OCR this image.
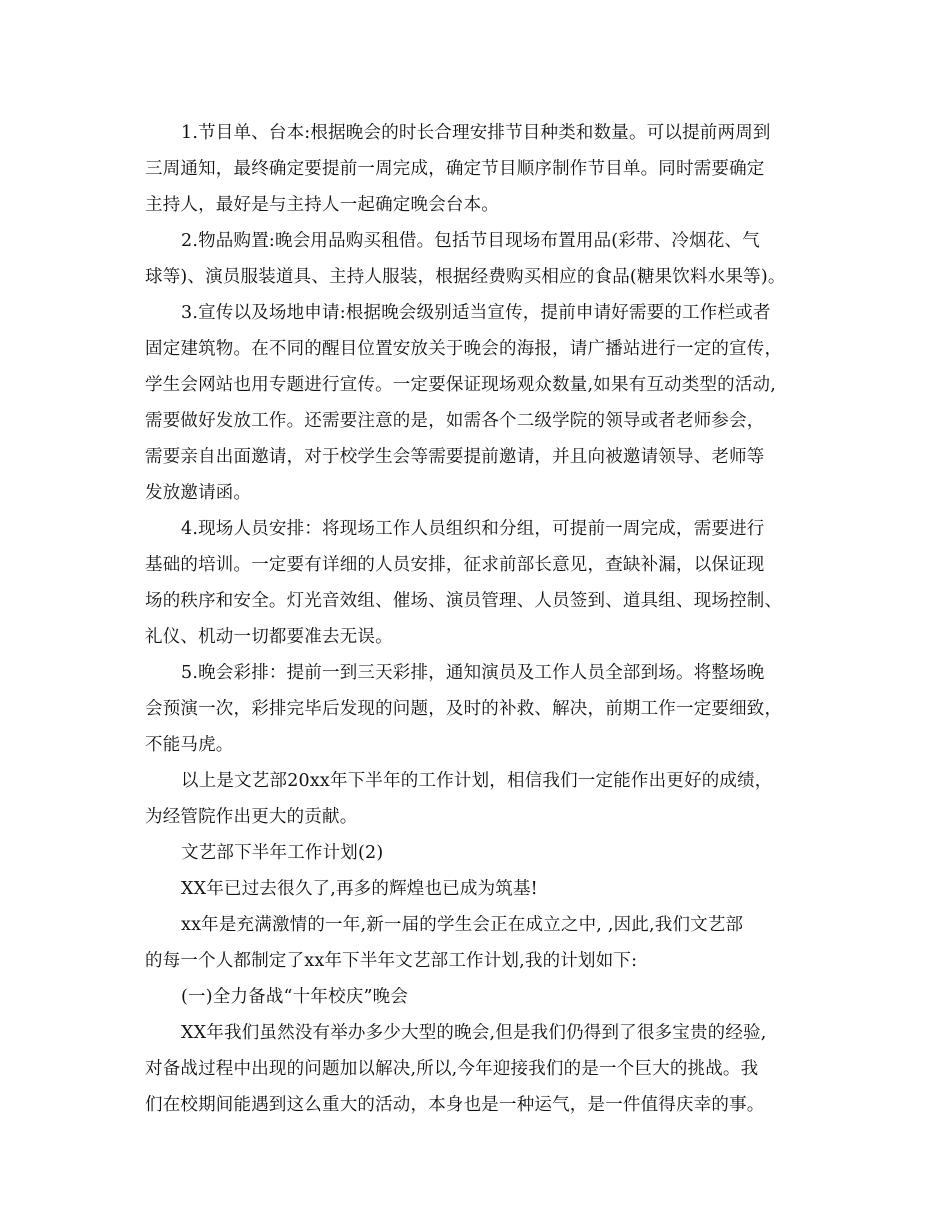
1.节目单、台本:根据晚会的时长合理安排节目种类和数量。可以提前两周到
三周通知，最终确定要提前一周完成，确定节目顺序制作节目单。同时需要确定
主持人，最好是与主持人一起确定晚会台本。
2.物品购置:晚会用品购买租借。包括节目现场布置用品(彩带、冷烟花、气
球等)、演员服装道具、主持人服装，根据经费购买相应的食品(糖果饮料水果等)。
3.宣传以及场地申请:根据晚会级别适当宣传，提前申请好需要的工作栏或者
固定建筑物。在不同的醒目位置安放关于晚会的海报，请广播站进行一定的宣传，
学生会网站也用专题进行宣传。一定要保证现场观众数量,如果有互动类型的活动,
需要做好发放工作。还需要注意的是，如需各个二级学院的领导或者老师参会，
需要亲自出面邀请，对于校学生会等需要提前邀请，并且向被邀请领导、老师等
发放邀请函。
4.现场人员安排：将现场工作人员组织和分组，可提前一周完成，需要进行
基础的培训。一定要有详细的人员安排，征求前部长意见，查缺补漏，以保证现
场的秩序和安全。灯光音效组、催场、演员管理、人员签到、道具组、现场控制、
礼仪、机动一切都要准去无误。
5.晚会彩排：提前一到三天彩排，通知演员及工作人员全部到场。将整场晚
会预演一次，彩排完毕后发现的问题，及时的补救、解决，前期工作一定要细致，
不能马虎。
以上是文艺部20xx年下半年的工作计划，相信我们一定能作出更好的成绩，
为经管院作出更大的贡献。
文艺部下半年工作计划(2)
XX年已过去很久了,再多的辉煌也已成为筑基!
xx年是充满激情的一年,新一届的学生会正在成立之中, ,因此,我们文艺部
的每一个人都制定了xx年下半年文艺部工作计划,我的计划如下:
(一)全力备战“十年校庆”晚会
XX年我们虽然没有举办多少大型的晚会,但是我们仍得到了很多宝贵的经验,
对备战过程中出现的问题加以解决,所以,今年迎接我们的是一个巨大的挑战。我
们在校期间能遇到这么重大的活动，本身也是一种运气，是一件值得庆幸的事。
